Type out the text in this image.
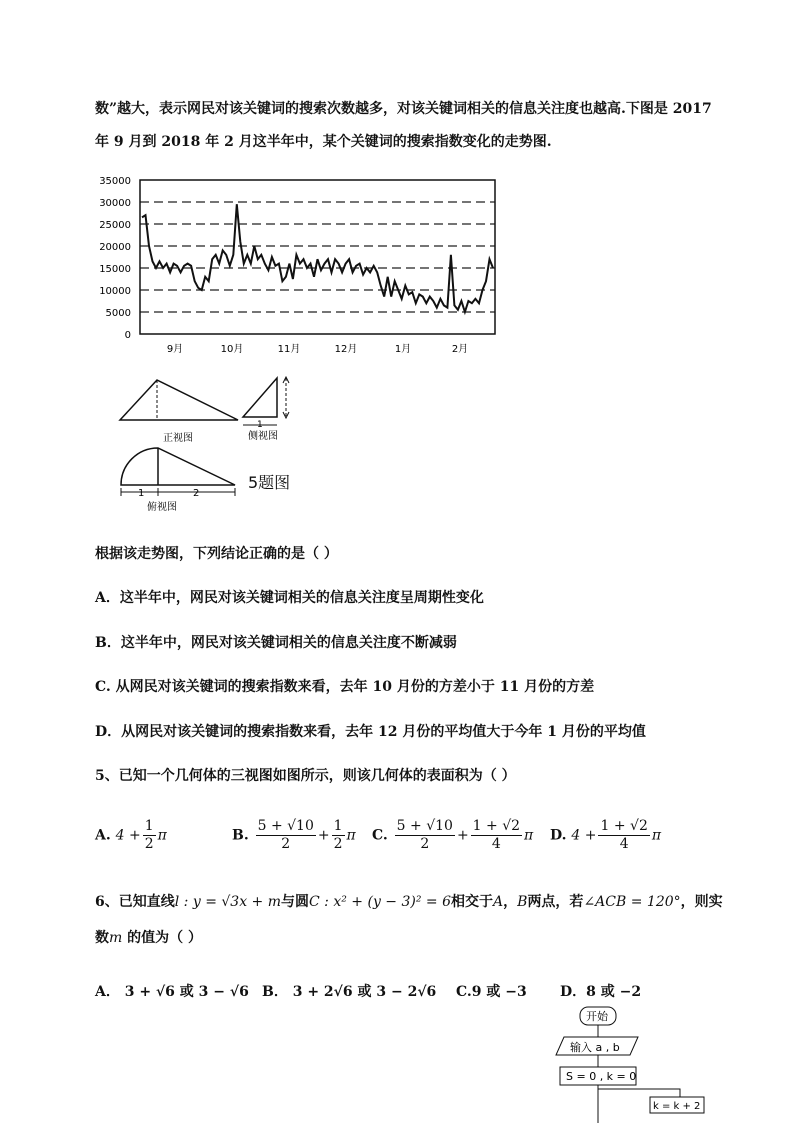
数”越大，表示网民对该关键词的搜索次数越多，对该关键词相关的信息关注度也越高.下图是 2017
年 9 月到 2018 年 2 月这半年中，某个关键词的搜索指数变化的走势图.
35000
30000
25000
20000
15000
10000
5000
0
9月	10月	11月	12月	1月	2月
正视图
1
侧视图
1	2
俯视图
5题图
根据该走势图，下列结论正确的是（ ）
A．这半年中，网民对该关键词相关的信息关注度呈周期性变化
B．这半年中，网民对该关键词相关的信息关注度不断减弱
C. 从网民对该关键词的搜索指数来看，去年 10 月份的方差小于 11 月份的方差
D．从网民对该关键词的搜索指数来看，去年 12 月份的平均值大于今年 1 月份的平均值
5、已知一个几何体的三视图如图所示，则该几何体的表面积为（ ）
A. $4 + \frac{1}{2}$ π	B. $\frac{5 + √10}{2} + \frac{1}{2}$ π C. $\frac{5 + √10}{2} + \frac{1 + √2}{4}$ π D. $4 + \frac{1 + √2}{4}$ π
6、已知直线l : y = √3x + m与圆C : x² + (y − 3)² = 6相交于A，B两点，若∠ACB = 120°，则实
数m 的值为（ ）
A． 3 + √6 或 3 − √6 B． 3 + 2√6 或 3 − 2√6 C.9 或 −3 D．8 或 −2
开始
输入 a , b
S = 0 , k = 0
k = k + 2
